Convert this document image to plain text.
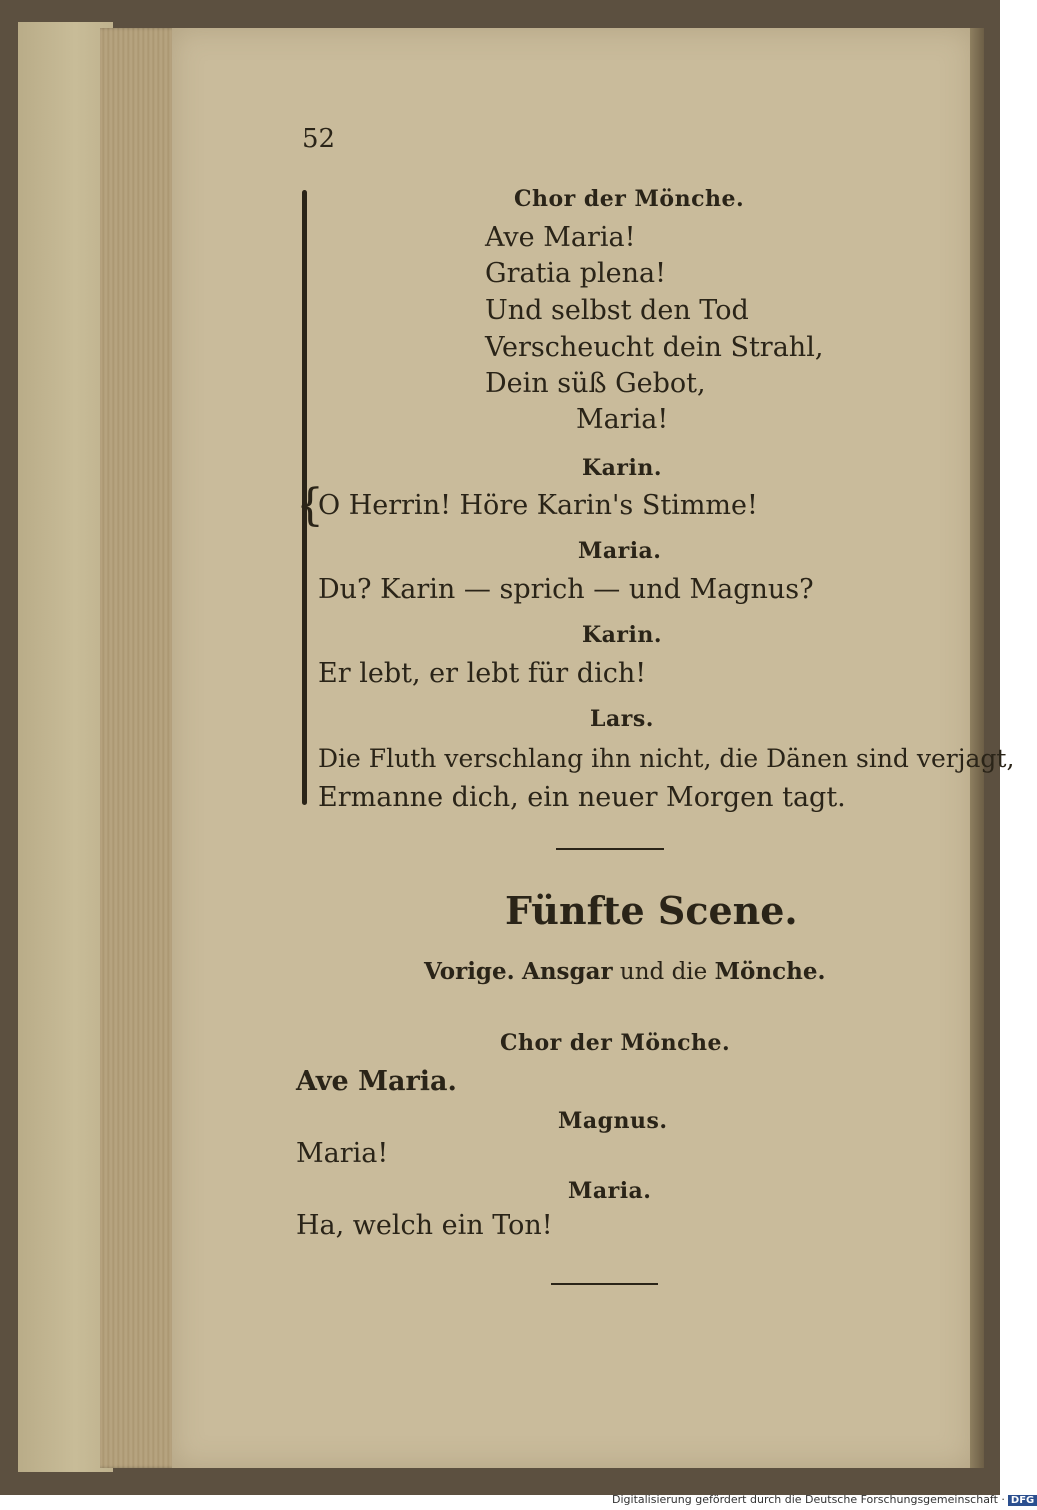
52
{
Chor der Mönche.
Ave Maria!
Gratia plena!
Und selbst den Tod
Verscheucht dein Strahl,
Dein süß Gebot,
Maria!
Karin.
O Herrin! Höre Karin's Stimme!
Maria.
Du? Karin — sprich — und Magnus?
Karin.
Er lebt, er lebt für dich!
Lars.
Die Fluth verschlang ihn nicht, die Dänen sind verjagt,
Ermanne dich, ein neuer Morgen tagt.
Fünfte Scene.
Vorige. Ansgar und die Mönche.
Chor der Mönche.
Ave Maria.
Magnus.
Maria!
Maria.
Ha, welch ein Ton!
Digitalisierung gefördert durch die Deutsche Forschungsgemeinschaft · DFG
